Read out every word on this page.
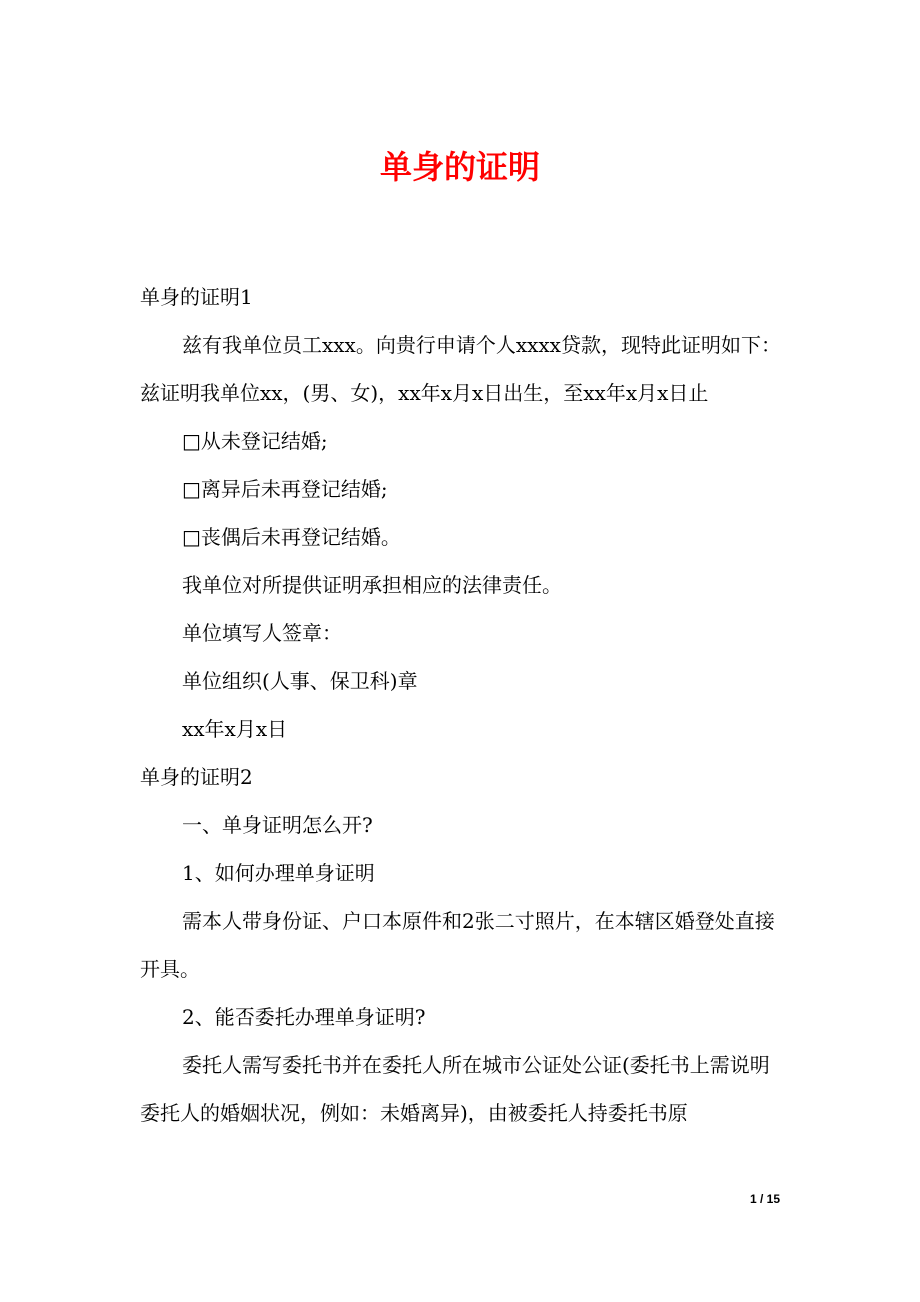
单身的证明

单身的证明1

兹有我单位员工xxx。向贵行申请个人xxxx贷款，现特此证明如下：兹证明我单位xx，(男、女)，xx年x月x日出生，至xx年x月x日止

□从未登记结婚;

□离异后未再登记结婚;

□丧偶后未再登记结婚。

我单位对所提供证明承担相应的法律责任。

单位填写人签章：

单位组织(人事、保卫科)章

xx年x月x日

单身的证明2

一、单身证明怎么开?

1、如何办理单身证明

需本人带身份证、户口本原件和2张二寸照片，在本辖区婚登处直接开具。

2、能否委托办理单身证明?

委托人需写委托书并在委托人所在城市公证处公证(委托书上需说明委托人的婚姻状况，例如：未婚离异)，由被委托人持委托书原

1 / 15
